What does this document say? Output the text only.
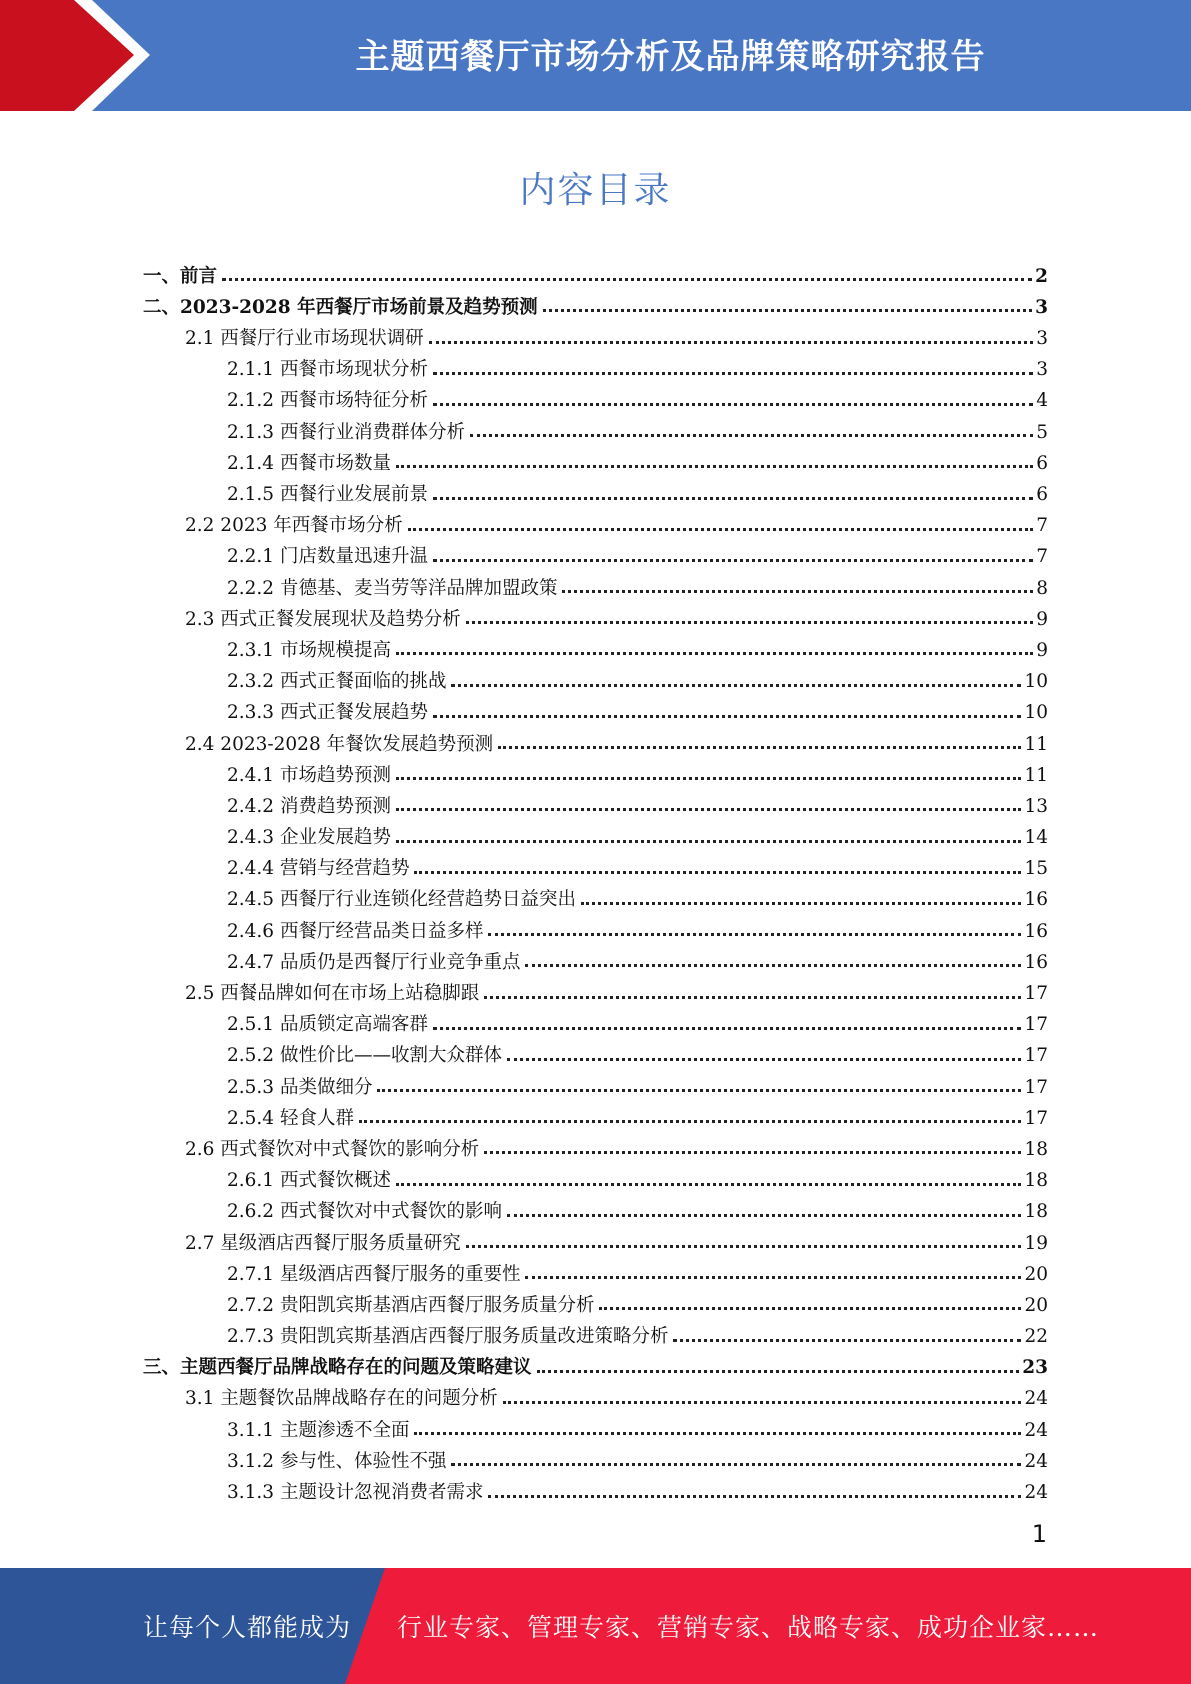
主题西餐厅市场分析及品牌策略研究报告
内容目录
一、前言	2
二、2023-2028 年西餐厅市场前景及趋势预测	3
2.1 西餐厅行业市场现状调研	3
2.1.1 西餐市场现状分析	3
2.1.2 西餐市场特征分析	4
2.1.3 西餐行业消费群体分析	5
2.1.4 西餐市场数量	6
2.1.5 西餐行业发展前景	6
2.2 2023 年西餐市场分析	7
2.2.1 门店数量迅速升温	7
2.2.2 肯德基、麦当劳等洋品牌加盟政策	8
2.3 西式正餐发展现状及趋势分析	9
2.3.1 市场规模提高	9
2.3.2 西式正餐面临的挑战	10
2.3.3 西式正餐发展趋势	10
2.4 2023-2028 年餐饮发展趋势预测	11
2.4.1 市场趋势预测	11
2.4.2 消费趋势预测	13
2.4.3 企业发展趋势	14
2.4.4 营销与经营趋势	15
2.4.5 西餐厅行业连锁化经营趋势日益突出	16
2.4.6 西餐厅经营品类日益多样	16
2.4.7 品质仍是西餐厅行业竞争重点	16
2.5 西餐品牌如何在市场上站稳脚跟	17
2.5.1 品质锁定高端客群	17
2.5.2 做性价比——收割大众群体	17
2.5.3 品类做细分	17
2.5.4 轻食人群	17
2.6 西式餐饮对中式餐饮的影响分析	18
2.6.1 西式餐饮概述	18
2.6.2 西式餐饮对中式餐饮的影响	18
2.7 星级酒店西餐厅服务质量研究	19
2.7.1 星级酒店西餐厅服务的重要性	20
2.7.2 贵阳凯宾斯基酒店西餐厅服务质量分析	20
2.7.3 贵阳凯宾斯基酒店西餐厅服务质量改进策略分析	22
三、主题西餐厅品牌战略存在的问题及策略建议	23
3.1 主题餐饮品牌战略存在的问题分析	24
3.1.1 主题渗透不全面	24
3.1.2 参与性、体验性不强	24
3.1.3 主题设计忽视消费者需求	24
1
让每个人都能成为 行业专家、管理专家、营销专家、战略专家、成功企业家……
